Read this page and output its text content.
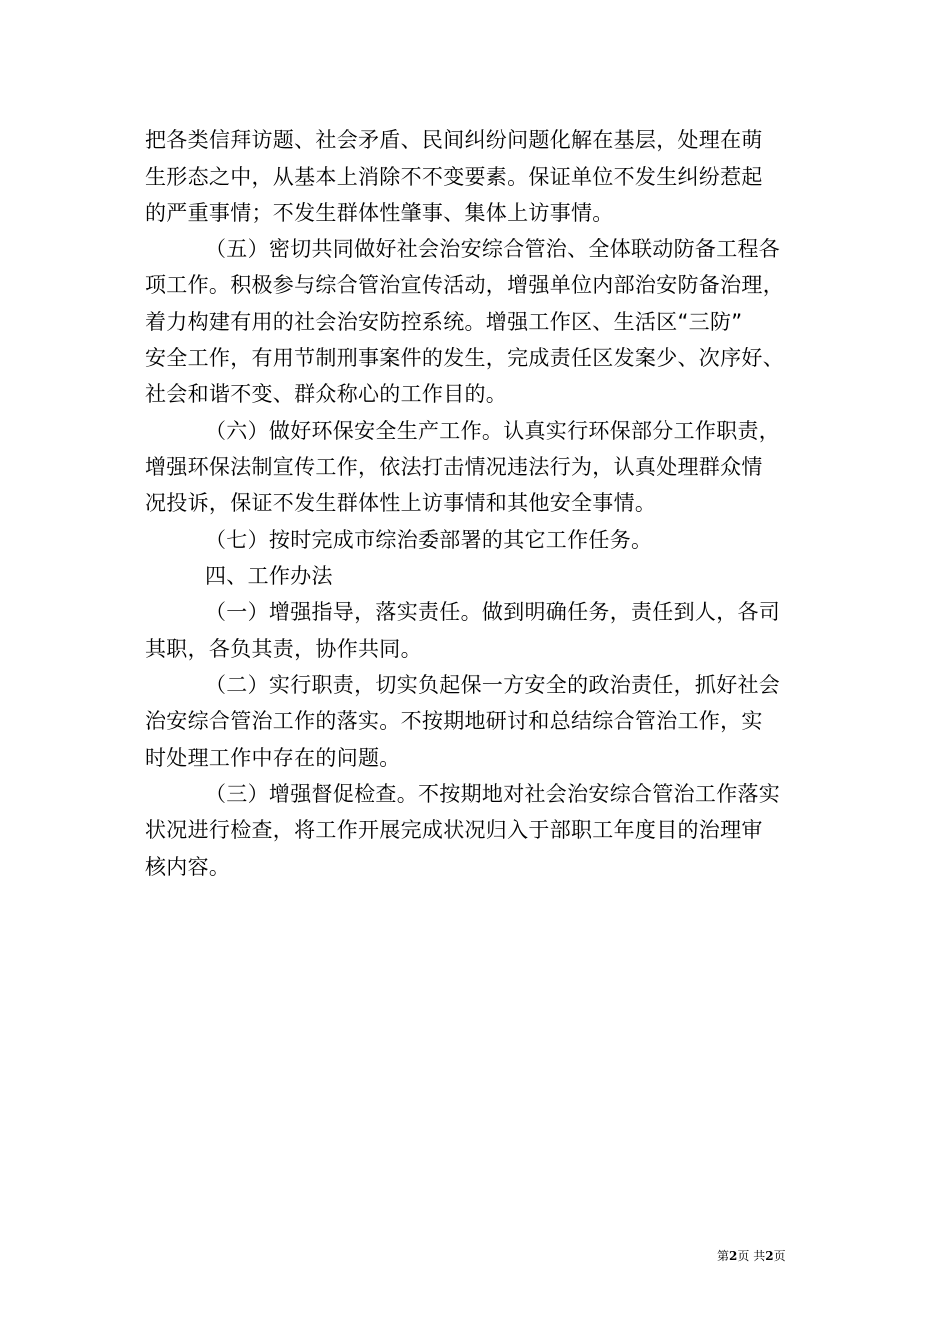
把各类信拜访题、社会矛盾、民间纠纷问题化解在基层，处理在萌
生形态之中，从基本上消除不不变要素。保证单位不发生纠纷惹起
的严重事情；不发生群体性肇事、集体上访事情。
（五）密切共同做好社会治安综合管治、全体联动防备工程各
项工作。积极参与综合管治宣传活动，增强单位内部治安防备治理，
着力构建有用的社会治安防控系统。增强工作区、生活区“三防”
安全工作，有用节制刑事案件的发生，完成责任区发案少、次序好、
社会和谐不变、群众称心的工作目的。
（六）做好环保安全生产工作。认真实行环保部分工作职责，
增强环保法制宣传工作，依法打击情况违法行为，认真处理群众情
况投诉，保证不发生群体性上访事情和其他安全事情。
（七）按时完成市综治委部署的其它工作任务。
四、工作办法
（一）增强指导，落实责任。做到明确任务，责任到人，各司
其职，各负其责，协作共同。
（二）实行职责，切实负起保一方安全的政治责任，抓好社会
治安综合管治工作的落实。不按期地研讨和总结综合管治工作，实
时处理工作中存在的问题。
（三）增强督促检查。不按期地对社会治安综合管治工作落实
状况进行检查，将工作开展完成状况归入于部职工年度目的治理审
核内容。
第2页 共2页
